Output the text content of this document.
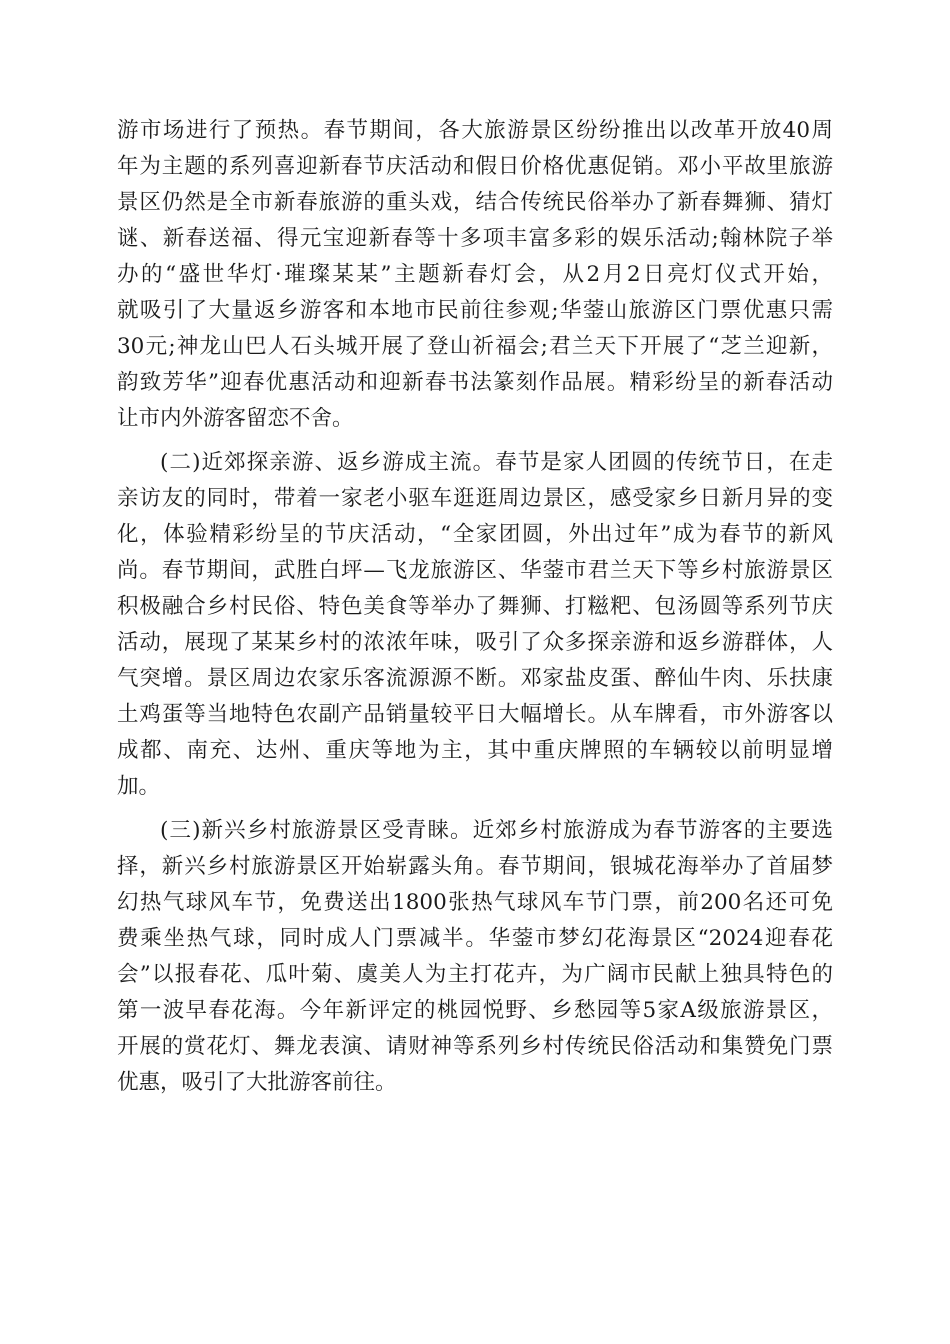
游市场进行了预热。春节期间，各大旅游景区纷纷推出以改革开放40周
年为主题的系列喜迎新春节庆活动和假日价格优惠促销。邓小平故里旅游
景区仍然是全市新春旅游的重头戏，结合传统民俗举办了新春舞狮、猜灯
谜、新春送福、得元宝迎新春等十多项丰富多彩的娱乐活动;翰林院子举
办的“盛世华灯·璀璨某某”主题新春灯会，从2月2日亮灯仪式开始，
就吸引了大量返乡游客和本地市民前往参观;华蓥山旅游区门票优惠只需
30元;神龙山巴人石头城开展了登山祈福会;君兰天下开展了“芝兰迎新，
韵致芳华”迎春优惠活动和迎新春书法篆刻作品展。精彩纷呈的新春活动
让市内外游客留恋不舍。
(二)近郊探亲游、返乡游成主流。春节是家人团圆的传统节日，在走
亲访友的同时，带着一家老小驱车逛逛周边景区，感受家乡日新月异的变
化，体验精彩纷呈的节庆活动，“全家团圆，外出过年”成为春节的新风
尚。春节期间，武胜白坪—飞龙旅游区、华蓥市君兰天下等乡村旅游景区
积极融合乡村民俗、特色美食等举办了舞狮、打糍粑、包汤圆等系列节庆
活动，展现了某某乡村的浓浓年味，吸引了众多探亲游和返乡游群体，人
气突增。景区周边农家乐客流源源不断。邓家盐皮蛋、醉仙牛肉、乐扶康
土鸡蛋等当地特色农副产品销量较平日大幅增长。从车牌看，市外游客以
成都、南充、达州、重庆等地为主，其中重庆牌照的车辆较以前明显增
加。
(三)新兴乡村旅游景区受青睐。近郊乡村旅游成为春节游客的主要选
择，新兴乡村旅游景区开始崭露头角。春节期间，银城花海举办了首届梦
幻热气球风车节，免费送出1800张热气球风车节门票，前200名还可免
费乘坐热气球，同时成人门票减半。华蓥市梦幻花海景区“2024迎春花
会”以报春花、瓜叶菊、虞美人为主打花卉，为广阔市民献上独具特色的
第一波早春花海。今年新评定的桃园悦野、乡愁园等5家A级旅游景区，
开展的赏花灯、舞龙表演、请财神等系列乡村传统民俗活动和集赞免门票
优惠，吸引了大批游客前往。
